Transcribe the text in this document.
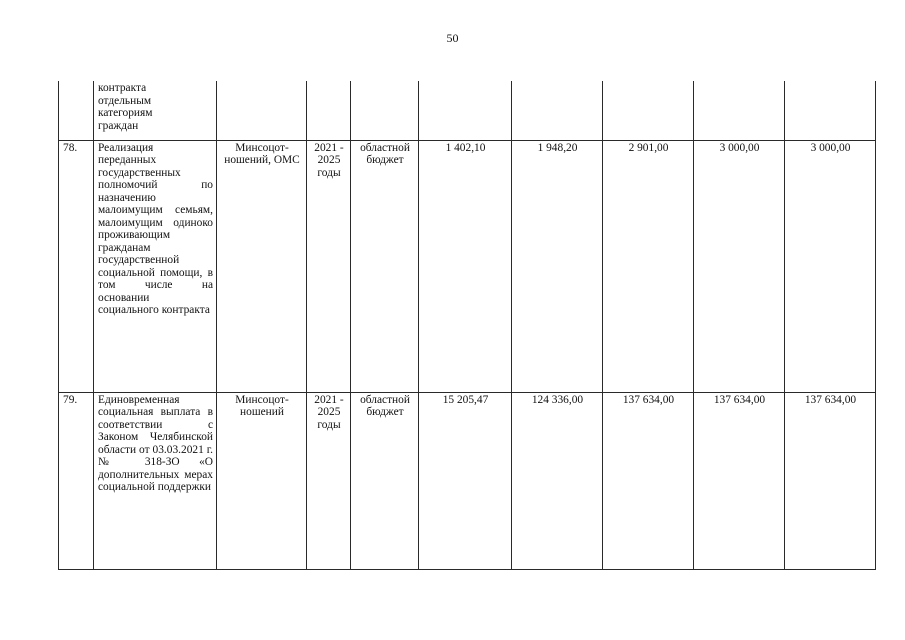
50
	контракта
отдельным
категориям
граждан								
78.	Реализация переданных государственных полномочий по назначению малоимущим семьям, малоимущим одиноко проживающим гражданам государственной социальной помощи, в том числе на основании социального контракта	Минсоцот-ношений, ОМС	2021 - 2025 годы	областной бюджет	1 402,10	1 948,20	2 901,00	3 000,00	3 000,00
79.	Единовременная социальная выплата в соответствии с Законом Челябинской области от 03.03.2021 г. № 318-ЗО «О дополнительных мерах социальной поддержки	Минсоцот-ношений	2021 - 2025 годы	областной бюджет	15 205,47	124 336,00	137 634,00	137 634,00	137 634,00
